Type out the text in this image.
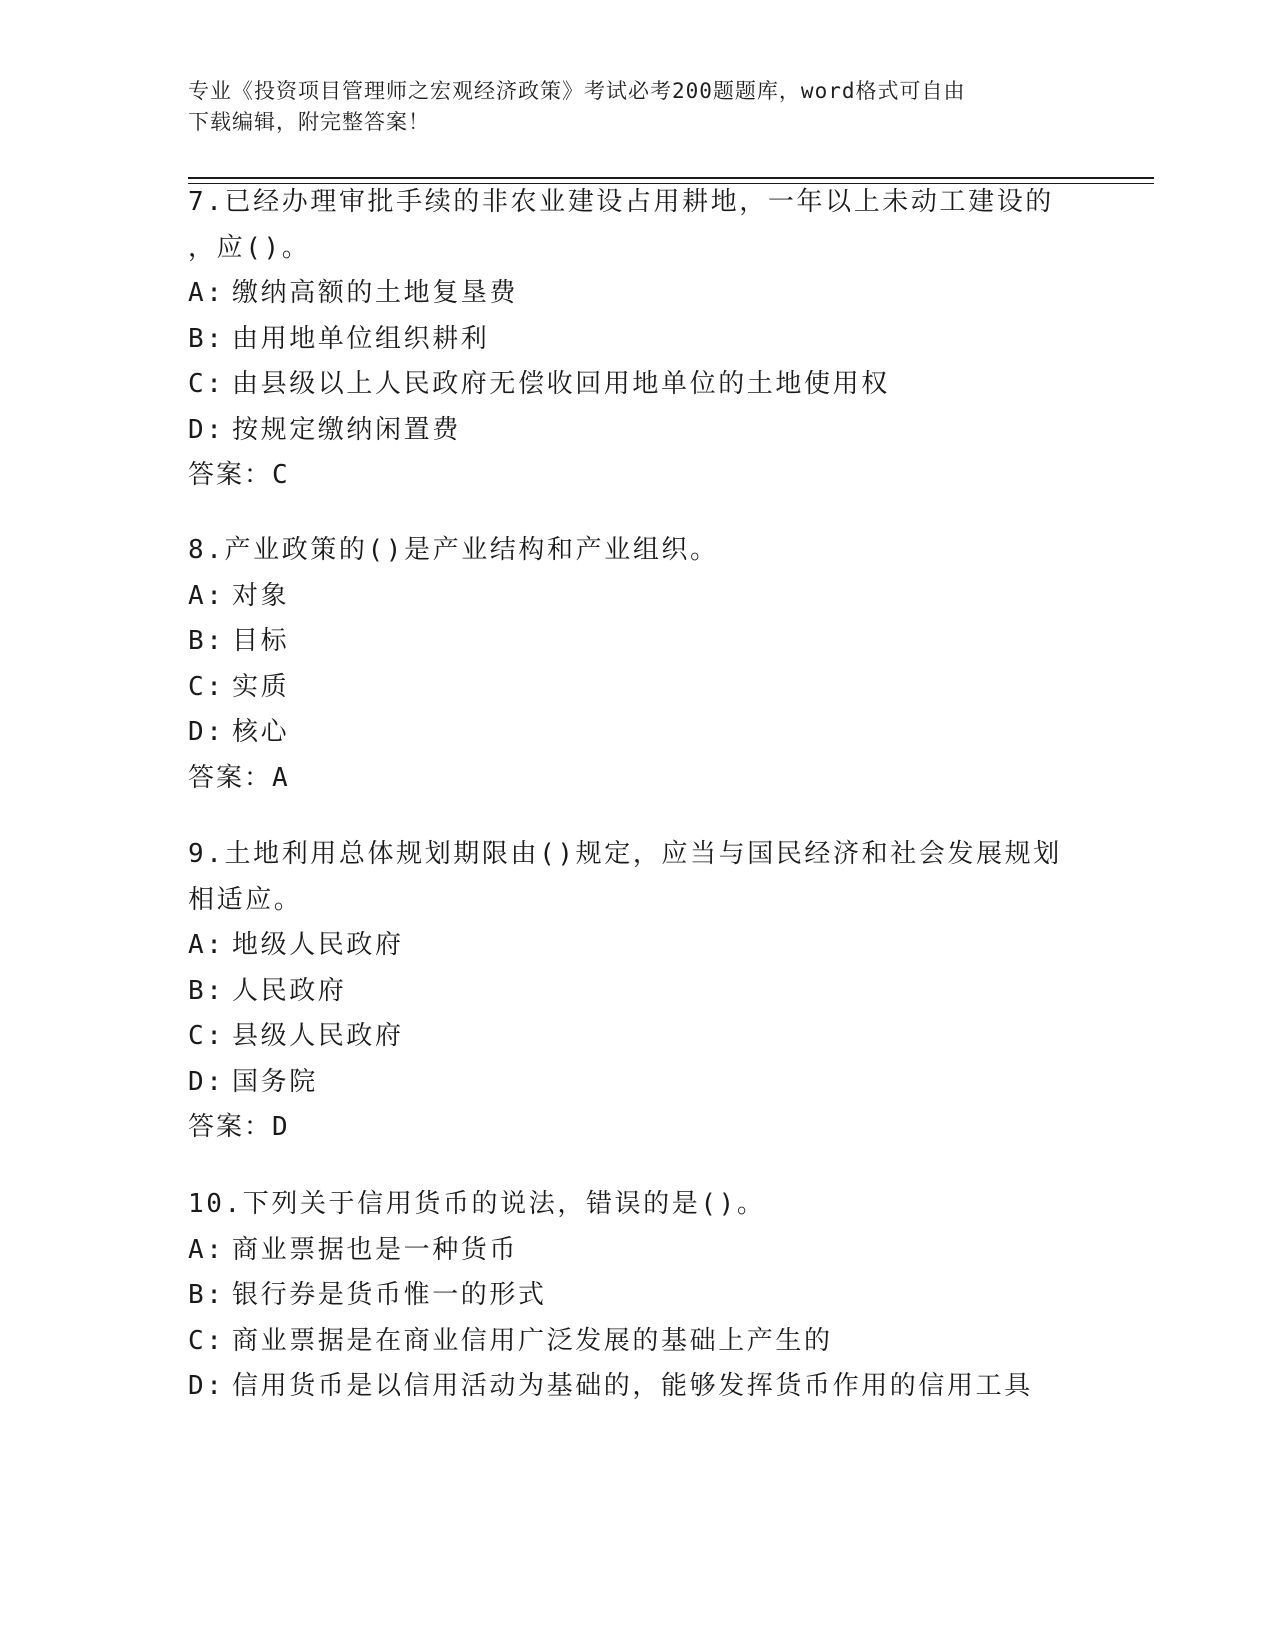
专业《投资项目管理师之宏观经济政策》考试必考200题题库，word格式可自由
下载编辑，附完整答案！
7.已经办理审批手续的非农业建设占用耕地，一年以上未动工建设的
，应()。
A: 缴纳高额的土地复垦费
B: 由用地单位组织耕利
C: 由县级以上人民政府无偿收回用地单位的土地使用权
D: 按规定缴纳闲置费
答案：C
8.产业政策的()是产业结构和产业组织。
A: 对象
B: 目标
C: 实质
D: 核心
答案：A
9.土地利用总体规划期限由()规定，应当与国民经济和社会发展规划
相适应。
A: 地级人民政府
B: 人民政府
C: 县级人民政府
D: 国务院
答案：D
10.下列关于信用货币的说法，错误的是()。
A: 商业票据也是一种货币
B: 银行券是货币惟一的形式
C: 商业票据是在商业信用广泛发展的基础上产生的
D: 信用货币是以信用活动为基础的，能够发挥货币作用的信用工具
